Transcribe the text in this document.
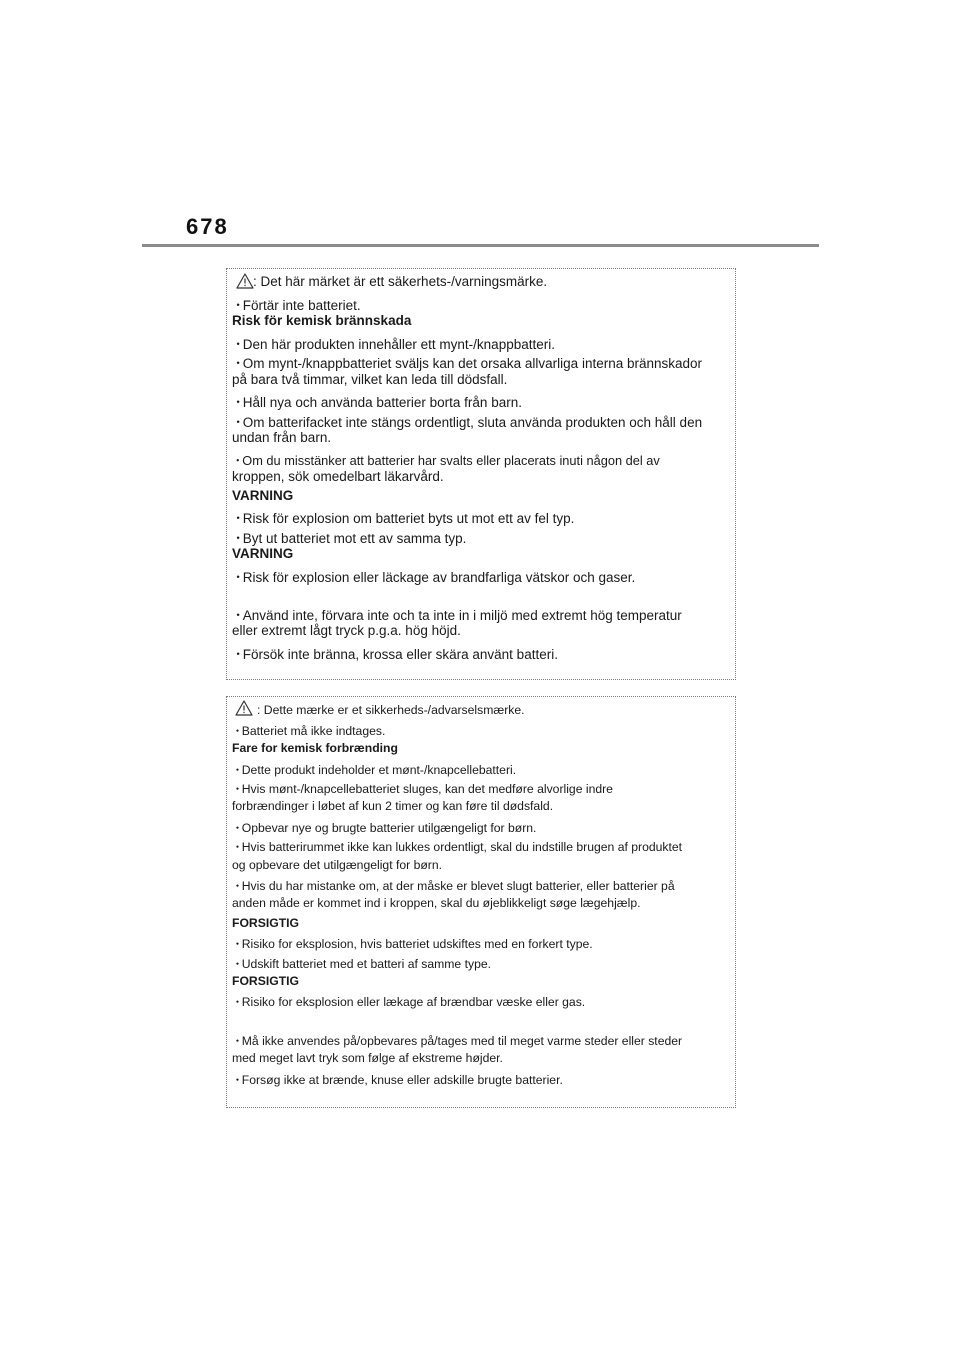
678
: Det här märket är ett säkerhets-/varningsmärke.
・ Förtär inte batteriet.
Risk för kemisk brännskada
・ Den här produkten innehåller ett mynt-/knappbatteri.
・ Om mynt-/knappbatteriet sväljs kan det orsaka allvarliga interna brännskador
på bara två timmar, vilket kan leda till dödsfall.
・ Håll nya och använda batterier borta från barn.
・ Om batterifacket inte stängs ordentligt, sluta använda produkten och håll den
undan från barn.
・ Om du misstänker att batterier har svalts eller placerats inuti någon del av
kroppen, sök omedelbart läkarvård.
VARNING
・ Risk för explosion om batteriet byts ut mot ett av fel typ.
・ Byt ut batteriet mot ett av samma typ.
VARNING
・ Risk för explosion eller läckage av brandfarliga vätskor och gaser.
・ Använd inte, förvara inte och ta inte in i miljö med extremt hög temperatur
eller extremt lågt tryck p.g.a. hög höjd.
・ Försök inte bränna, krossa eller skära använt batteri.
: Dette mærke er et sikkerheds-/advarselsmærke.
・ Batteriet må ikke indtages.
Fare for kemisk forbrænding
・ Dette produkt indeholder et mønt-/knapcellebatteri.
・ Hvis mønt-/knapcellebatteriet sluges, kan det medføre alvorlige indre
forbrændinger i løbet af kun 2 timer og kan føre til dødsfald.
・ Opbevar nye og brugte batterier utilgængeligt for børn.
・ Hvis batterirummet ikke kan lukkes ordentligt, skal du indstille brugen af produktet
og opbevare det utilgængeligt for børn.
・ Hvis du har mistanke om, at der måske er blevet slugt batterier, eller batterier på
anden måde er kommet ind i kroppen, skal du øjeblikkeligt søge lægehjælp.
FORSIGTIG
・ Risiko for eksplosion, hvis batteriet udskiftes med en forkert type.
・ Udskift batteriet med et batteri af samme type.
FORSIGTIG
・ Risiko for eksplosion eller lækage af brændbar væske eller gas.
・ Må ikke anvendes på/opbevares på/tages med til meget varme steder eller steder
med meget lavt tryk som følge af ekstreme højder.
・ Forsøg ikke at brænde, knuse eller adskille brugte batterier.
